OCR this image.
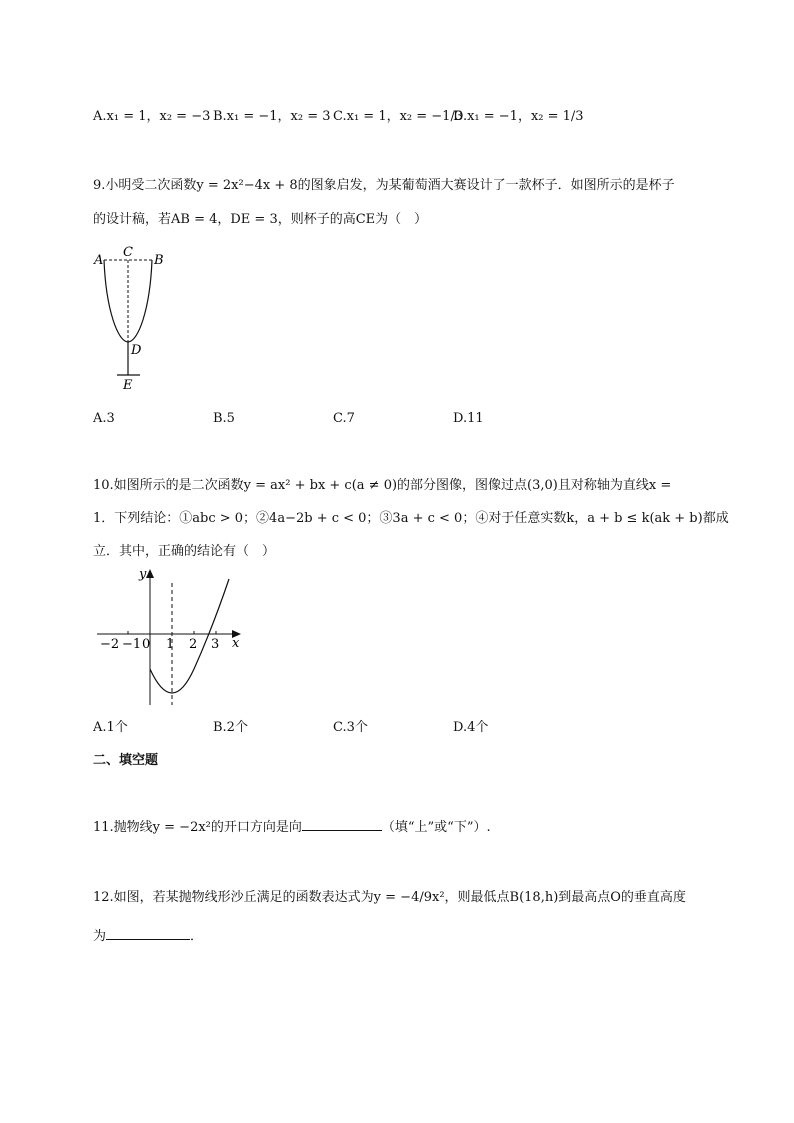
A.x₁ = 1，x₂ = −3 B.x₁ = −1，x₂ = 3 C.x₁ = 1，x₂ = −1/3
D.x₁ = −1，x₂ = 1/3
9.小明受二次函数y = 2x²−4x + 8的图象启发，为某葡萄酒大赛设计了一款杯子．如图所示的是杯子
的设计稿，若AB = 4，DE = 3，则杯子的高CE为（　）
A	B
C
D
E
A.3	B.5	C.7	D.11
10.如图所示的是二次函数y = ax² + bx + c(a ≠ 0)的部分图像，图像过点(3,0)且对称轴为直线x =
1．下列结论：①abc > 0；②4a−2b + c < 0；③3a + c < 0；④对于任意实数k，a + b ≤ k(ak + b)都成
立．其中，正确的结论有（　）
y
x
−2 −1 0 1 2 3
A.1个	B.2个	C.3个	D.4个
二、填空题
11.抛物线y = −2x²的开口方向是向	（填“上”或“下”）.
12.如图，若某抛物线形沙丘满足的函数表达式为y = −4/9x²，则最低点B(18,h)到最高点O的垂直高度
为	．
